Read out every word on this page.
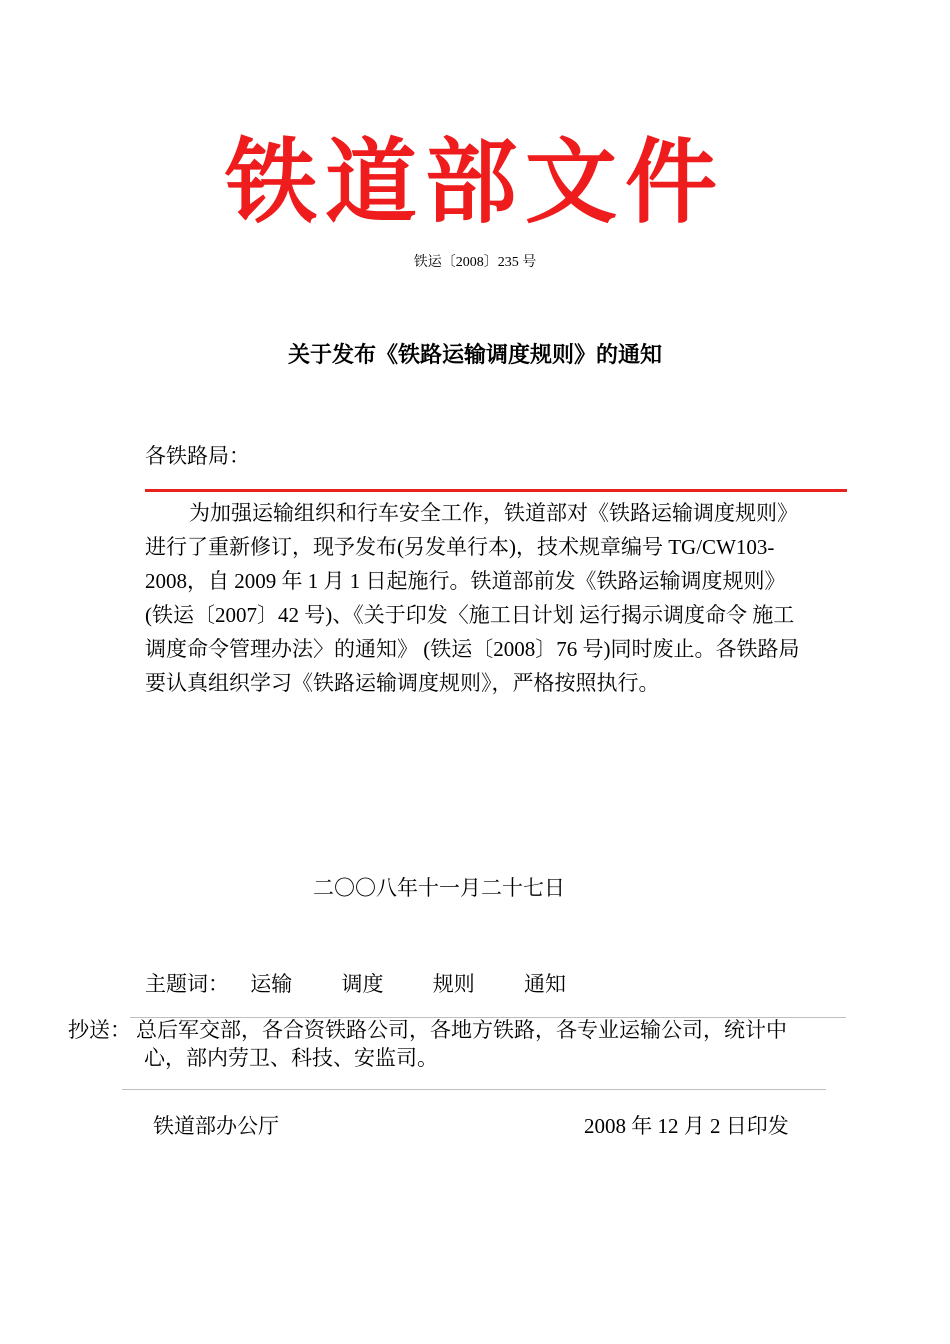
铁道部文件
铁运〔2008〕235 号
关于发布《铁路运输调度规则》的通知
各铁路局：
为加强运输组织和行车安全工作，铁道部对《铁路运输调度规则》进行了重新修订，现予发布(另发单行本)，技术规章编号 TG/CW103-2008，自 2009 年 1 月 1 日起施行。铁道部前发《铁路运输调度规则》(铁运〔2007〕42 号)、《关于印发〈施工日计划 运行揭示调度命令 施工调度命令管理办法〉的通知》 (铁运〔2008〕76 号)同时废止。各铁路局要认真组织学习《铁路运输调度规则》，严格按照执行。
二〇〇八年十一月二十七日
主题词： 运输 调度 规则 通知
抄送： 总后军交部，各合资铁路公司，各地方铁路，各专业运输公司，统计中心，部内劳卫、科技、安监司。
铁道部办公厅	2008 年 12 月 2 日印发
